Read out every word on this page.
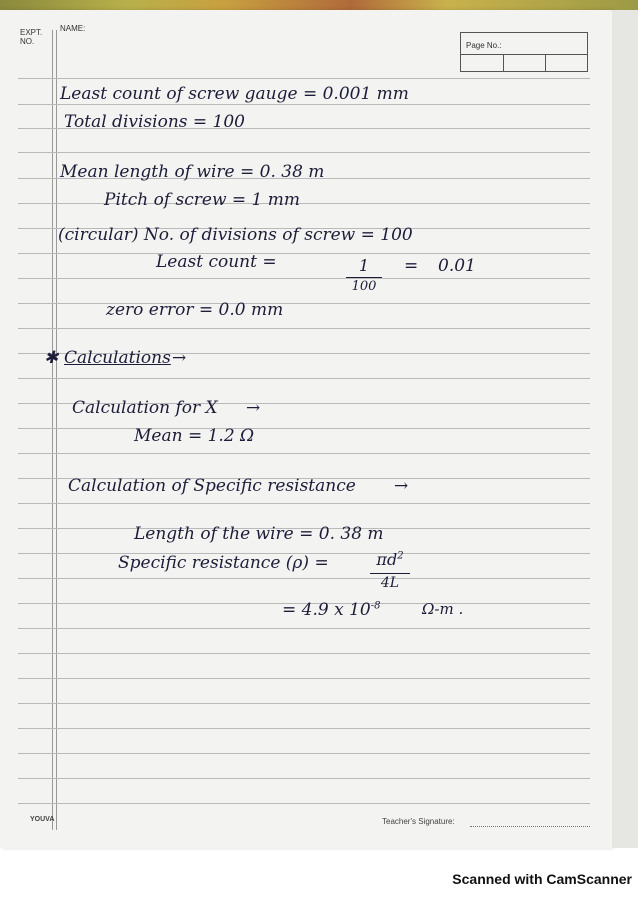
EXPT. NO.
NAME:
Page No.:
Least count of screw gauge = 0.001 mm
Total divisions = 100
Mean length of wire = 0. 38 m
Pitch of screw = 1 mm
(circular) No. of divisions of screw = 100
Least count =	1
100
= 0.01
zero error = 0.0 mm
✱ Calculations →
Calculation for X →
Mean = 1.2 Ω
Calculation of Specific resistance →
Length of the wire = 0. 38 m
Specific resistance (ρ) =	$\pi d^2$
4L
= 4.9 x $10^{-8}$	Ω-m .
YOUVA	Teacher's Signature:
Scanned with CamScanner
